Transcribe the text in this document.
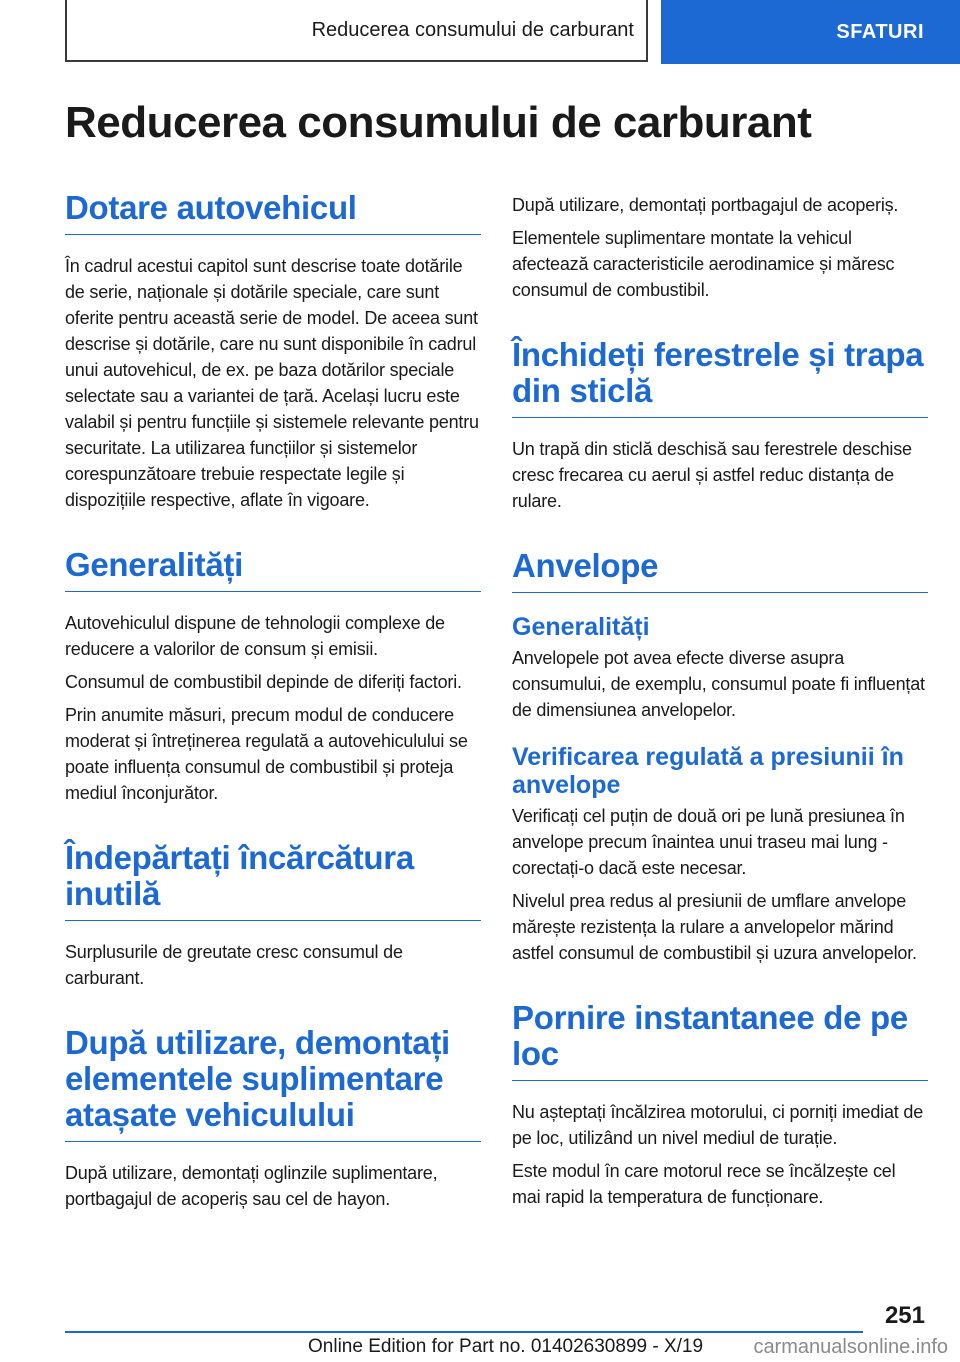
Reducerea consumului de carburant	SFATURI
Reducerea consumului de carburant
Dotare autovehicul

În cadrul acestui capitol sunt descrise toate dotările de serie, naționale și dotările speciale, care sunt oferite pentru această serie de model. De aceea sunt descrise și dotările, care nu sunt disponibile în cadrul unui autovehicul, de ex. pe baza dotărilor speciale selectate sau a variantei de țară. Același lucru este valabil și pentru funcțiile și sistemele relevante pentru securitate. La utilizarea funcțiilor și sistemelor corespunzătoare trebuie respectate legile și dispozițiile respective, aflate în vigoare.

Generalități

Autovehiculul dispune de tehnologii complexe de reducere a valorilor de consum și emisii.

Consumul de combustibil depinde de diferiți factori.

Prin anumite măsuri, precum modul de conducere moderat și întreținerea regulată a autovehiculului se poate influența consumul de combustibil și proteja mediul înconjurător.

Îndepărtați încărcătura inutilă

Surplusurile de greutate cresc consumul de carburant.

După utilizare, demontați elementele suplimentare atașate vehiculului

După utilizare, demontați oglinzile suplimentare, portbagajul de acoperiș sau cel de hayon.

După utilizare, demontați portbagajul de acoperiș.

Elementele suplimentare montate la vehicul afectează caracteristicile aerodinamice și măresc consumul de combustibil.

Închideți ferestrele și trapa din sticlă

Un trapă din sticlă deschisă sau ferestrele deschise cresc frecarea cu aerul și astfel reduc distanța de rulare.

Anvelope
Generalități

Anvelopele pot avea efecte diverse asupra consumului, de exemplu, consumul poate fi influențat de dimensiunea anvelopelor.

Verificarea regulată a presiunii în anvelope

Verificați cel puțin de două ori pe lună presiunea în anvelope precum înaintea unui traseu mai lung - corectați-o dacă este necesar.

Nivelul prea redus al presiunii de umflare anvelope mărește rezistența la rulare a anvelopelor mărind astfel consumul de combustibil și uzura anvelopelor.

Pornire instantanee de pe loc

Nu așteptați încălzirea motorului, ci porniți imediat de pe loc, utilizând un nivel mediul de turație.

Este modul în care motorul rece se încălzește cel mai rapid la temperatura de funcționare.

251
Online Edition for Part no. 01402630899 - X/19	carmanualsonline.info
